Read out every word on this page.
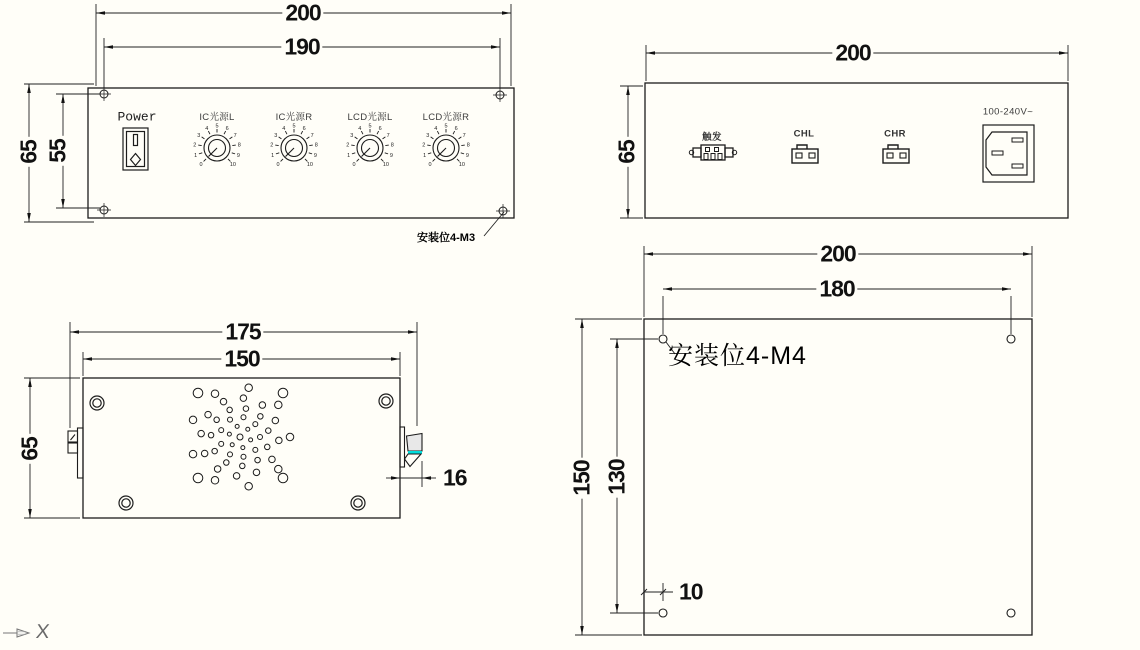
0
1
2
3
4 5 6
7
8
9
10
IC光源L
0
1
2
3
4 5 6
7
8
9
10
IC光源R
0
1
2
3
4 5 6
7
8
9
10
LCD光源L
0
1
2
3
4 5 6
7
8
9
10
LCD光源R
200
190
65 55
Power
安装位4-M3
200
65
触发	CHL	CHR
100-240V~
175
150
65
16
200
180
150 130
10
安装位4-M4
X
